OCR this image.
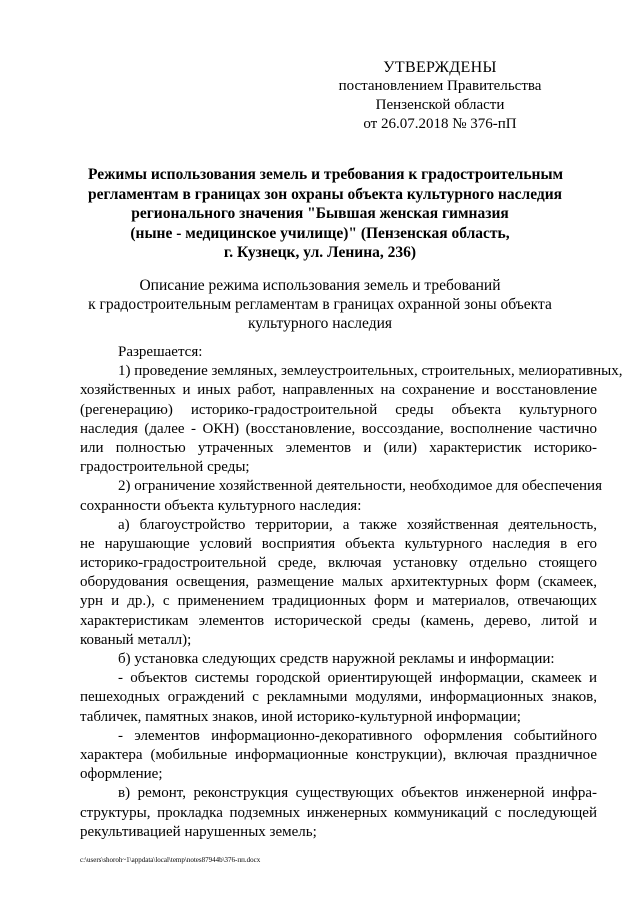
УТВЕРЖДЕНЫ
постановлением Правительства
Пензенской области
от 26.07.2018 № 376-пП
Режимы использования земель и требования к градостроительным
регламентам в границах зон охраны объекта культурного наследия
регионального значения "Бывшая женская гимназия
(ныне - медицинское училище)" (Пензенская область,
г. Кузнецк, ул. Ленина, 236)
Описание режима использования земель и требований
к градостроительным регламентам в границах охранной зоны объекта
культурного наследия
Разрешается:
1) проведение земляных, землеустроительных, строительных, мелиоративных,
хозяйственных и иных работ, направленных на сохранение и восстановление
(регенерацию) историко-градостроительной среды объекта культурного
наследия (далее - ОКН) (восстановление, воссоздание, восполнение частично
или полностью утраченных элементов и (или) характеристик историко-
градостроительной среды;
2) ограничение хозяйственной деятельности, необходимое для обеспечения
сохранности объекта культурного наследия:
а) благоустройство территории, а также хозяйственная деятельность,
не нарушающие условий восприятия объекта культурного наследия в его
историко-градостроительной среде, включая установку отдельно стоящего
оборудования освещения, размещение малых архитектурных форм (скамеек,
урн и др.), с применением традиционных форм и материалов, отвечающих
характеристикам элементов исторической среды (камень, дерево, литой и
кованый металл);
б) установка следующих средств наружной рекламы и информации:
- объектов системы городской ориентирующей информации, скамеек и
пешеходных ограждений с рекламными модулями, информационных знаков,
табличек, памятных знаков, иной историко-культурной информации;
- элементов информационно-декоративного оформления событийного
характера (мобильные информационные конструкции), включая праздничное
оформление;
в) ремонт, реконструкция существующих объектов инженерной инфра-
структуры, прокладка подземных инженерных коммуникаций с последующей
рекультивацией нарушенных земель;
c:\users\shoroh~1\appdata\local\temp\notes87944b\376-пп.docx
